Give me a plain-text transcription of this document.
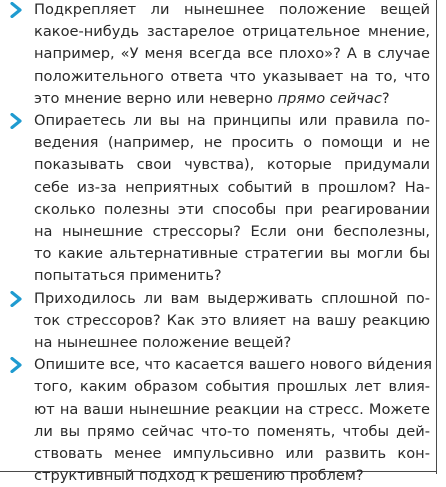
Подкрепляет ли нынешнее положение вещей
какое-нибудь застарелое отрицательное мнение,
например, «У меня всегда все плохо»? А в случае
положительного ответа что указывает на то, что
это мнение верно или неверно прямо сейчас?
Опираетесь ли вы на принципы или правила по-
ведения (например, не просить о помощи и не
показывать свои чувства), которые придумали
себе из-за неприятных событий в прошлом? На-
сколько полезны эти способы при реагировании
на нынешние стрессоры? Если они бесполезны,
то какие альтернативные стратегии вы могли бы
попытаться применить?
Приходилось ли вам выдерживать сплошной по-
ток стрессоров? Как это влияет на вашу реакцию
на нынешнее положение вещей?
Опишите все, что касается вашего нового ви́дения
того, каким образом события прошлых лет влия-
ют на ваши нынешние реакции на стресс. Можете
ли вы прямо сейчас что-то поменять, чтобы дей-
ствовать менее импульсивно или развить кон-
структивный подход к решению проблем?
